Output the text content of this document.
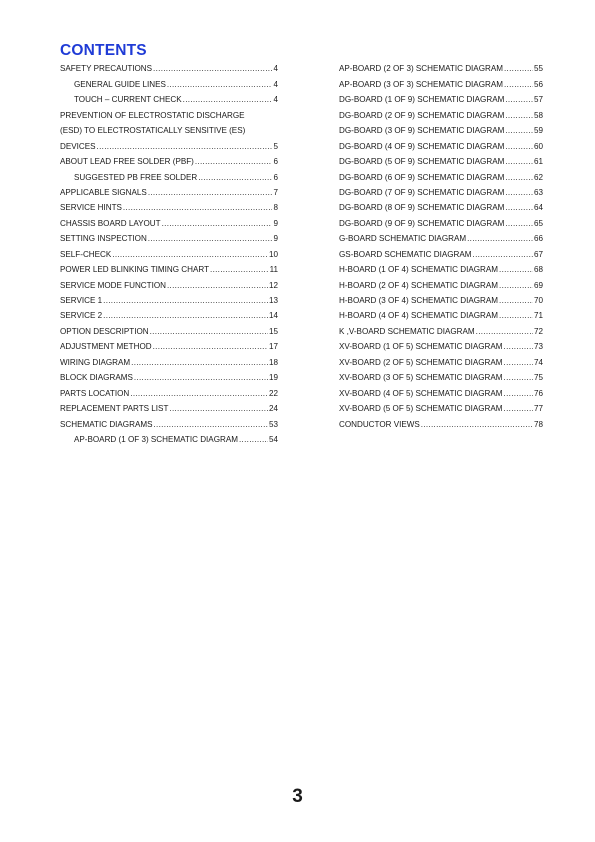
CONTENTS
SAFETY PRECAUTIONS .....	4
GENERAL GUIDE LINES .....	4
TOUCH – CURRENT CHECK .....	4
PREVENTION OF ELECTROSTATIC DISCHARGE
(ESD) TO ELECTROSTATICALLY SENSITIVE (ES)
DEVICES .....	5
ABOUT LEAD FREE SOLDER (PBF) .....	6
SUGGESTED PB FREE SOLDER .....	6
APPLICABLE SIGNALS .....	7
SERVICE HINTS .....	8
CHASSIS BOARD LAYOUT .....	9
SETTING INSPECTION .....	9
SELF-CHECK .....	10
POWER LED BLINKING TIMING CHART .....	11
SERVICE MODE FUNCTION .....	12
SERVICE 1 .....	13
SERVICE 2 .....	14
OPTION DESCRIPTION .....	15
ADJUSTMENT METHOD .....	17
WIRING DIAGRAM .....	18
BLOCK DIAGRAMS .....	19
PARTS LOCATION .....	22
REPLACEMENT PARTS LIST .....	24
SCHEMATIC DIAGRAMS .....	53
AP-BOARD (1 OF 3) SCHEMATIC DIAGRAM .....	54
AP-BOARD (2 OF 3) SCHEMATIC DIAGRAM .....	55
AP-BOARD (3 OF 3) SCHEMATIC DIAGRAM .....	56
DG-BOARD (1 OF 9) SCHEMATIC DIAGRAM .....	57
DG-BOARD (2 OF 9) SCHEMATIC DIAGRAM .....	58
DG-BOARD (3 OF 9) SCHEMATIC DIAGRAM .....	59
DG-BOARD (4 OF 9) SCHEMATIC DIAGRAM .....	60
DG-BOARD (5 OF 9) SCHEMATIC DIAGRAM .....	61
DG-BOARD (6 OF 9) SCHEMATIC DIAGRAM .....	62
DG-BOARD (7 OF 9) SCHEMATIC DIAGRAM .....	63
DG-BOARD (8 OF 9) SCHEMATIC DIAGRAM .....	64
DG-BOARD (9 OF 9) SCHEMATIC DIAGRAM .....	65
G-BOARD SCHEMATIC DIAGRAM .....	66
GS-BOARD SCHEMATIC DIAGRAM .....	67
H-BOARD (1 OF 4) SCHEMATIC DIAGRAM .....	68
H-BOARD (2 OF 4) SCHEMATIC DIAGRAM .....	69
H-BOARD (3 OF 4) SCHEMATIC DIAGRAM .....	70
H-BOARD (4 OF 4) SCHEMATIC DIAGRAM .....	71
K ,V-BOARD SCHEMATIC DIAGRAM .....	72
XV-BOARD (1 OF 5) SCHEMATIC DIAGRAM .....	73
XV-BOARD (2 OF 5) SCHEMATIC DIAGRAM .....	74
XV-BOARD (3 OF 5) SCHEMATIC DIAGRAM .....	75
XV-BOARD (4 OF 5) SCHEMATIC DIAGRAM .....	76
XV-BOARD (5 OF 5) SCHEMATIC DIAGRAM .....	77
CONDUCTOR VIEWS .....	78
3
